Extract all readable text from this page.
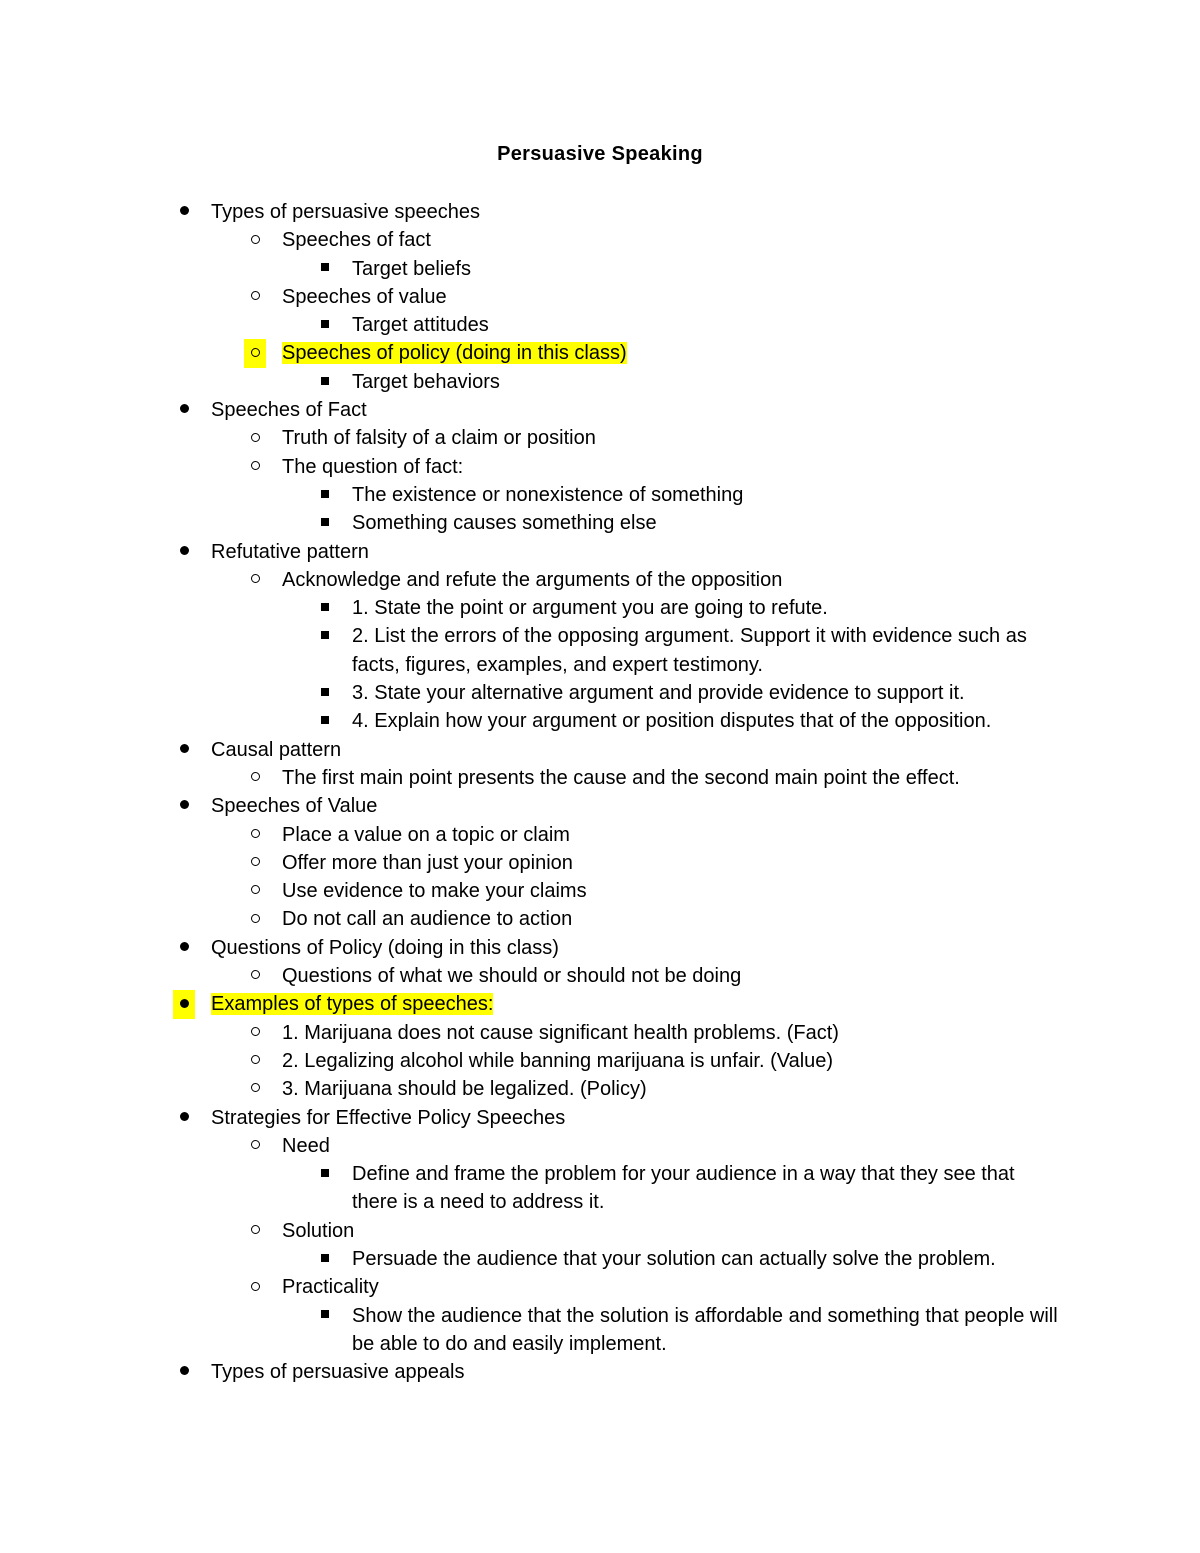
Persuasive Speaking
Types of persuasive speeches
Speeches of fact
Target beliefs
Speeches of value
Target attitudes
Speeches of policy (doing in this class)
Target behaviors
Speeches of Fact
Truth of falsity of a claim or position
The question of fact:
The existence or nonexistence of something
Something causes something else
Refutative pattern
Acknowledge and refute the arguments of the opposition
1. State the point or argument you are going to refute.
2. List the errors of the opposing argument. Support it with evidence such as facts, figures, examples, and expert testimony.
3. State your alternative argument and provide evidence to support it.
4. Explain how your argument or position disputes that of the opposition.
Causal pattern
The first main point presents the cause and the second main point the effect.
Speeches of Value
Place a value on a topic or claim
Offer more than just your opinion
Use evidence to make your claims
Do not call an audience to action
Questions of Policy (doing in this class)
Questions of what we should or should not be doing
Examples of types of speeches:
1. Marijuana does not cause significant health problems. (Fact)
2. Legalizing alcohol while banning marijuana is unfair. (Value)
3. Marijuana should be legalized. (Policy)
Strategies for Effective Policy Speeches
Need
Define and frame the problem for your audience in a way that they see that there is a need to address it.
Solution
Persuade the audience that your solution can actually solve the problem.
Practicality
Show the audience that the solution is affordable and something that people will be able to do and easily implement.
Types of persuasive appeals
